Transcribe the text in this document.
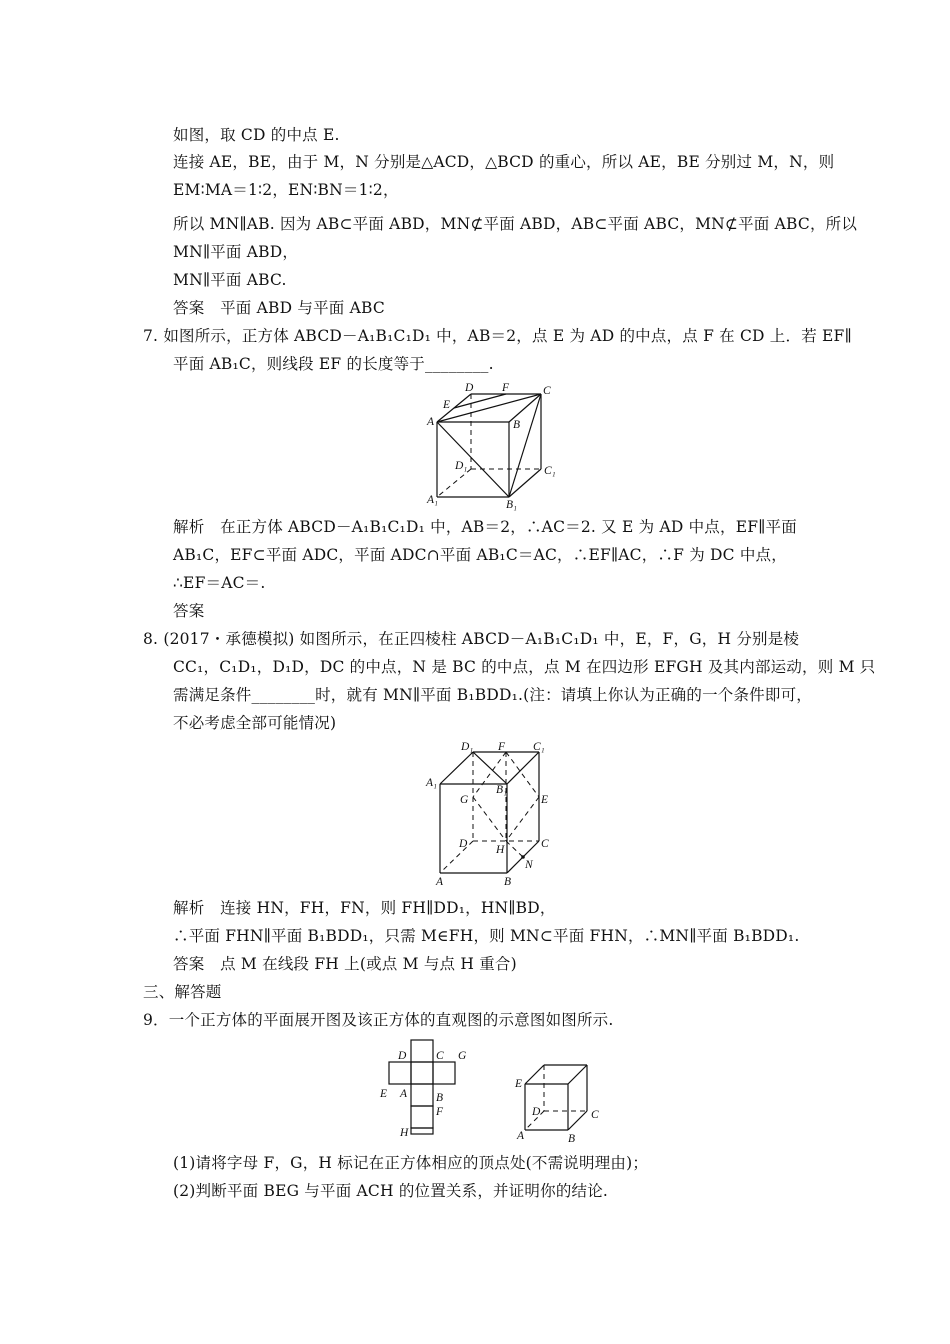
如图，取 CD 的中点 E.
连接 AE，BE，由于 M，N 分别是△ACD，△BCD 的重心，所以 AE，BE 分别过 M，N，则
EM∶MA＝1∶2，EN∶BN＝1∶2，
所以 MN∥AB. 因为 AB⊂平面 ABD，MN⊄平面 ABD，AB⊂平面 ABC，MN⊄平面 ABC，所以
MN∥平面 ABD，
MN∥平面 ABC.
答案　平面 ABD 与平面 ABC
7. 如图所示，正方体 ABCD－A₁B₁C₁D₁ 中，AB＝2，点 E 为 AD 的中点，点 F 在 CD 上．若 EF∥
平面 AB₁C，则线段 EF 的长度等于________.
D F	C
E
A	B
D₁	C₁
A₁	B₁
解析　在正方体 ABCD－A₁B₁C₁D₁ 中，AB＝2，∴AC＝2. 又 E 为 AD 中点，EF∥平面
AB₁C，EF⊂平面 ADC，平面 ADC∩平面 AB₁C＝AC，∴EF∥AC，∴F 为 DC 中点，
∴EF＝AC＝.
答案
8. (2017・承德模拟) 如图所示，在正四棱柱 ABCD－A₁B₁C₁D₁ 中，E，F，G，H 分别是棱
CC₁，C₁D₁，D₁D，DC 的中点，N 是 BC 的中点，点 M 在四边形 EFGH 及其内部运动，则 M 只
需满足条件________时，就有 MN∥平面 B₁BDD₁.(注：请填上你认为正确的一个条件即可，
不必考虑全部可能情况)
D₁ F C₁
A₁
B₁
G	E
D	C
H
N
A	B
解析　连接 HN，FH，FN，则 FH∥DD₁，HN∥BD，
∴平面 FHN∥平面 B₁BDD₁，只需 M∈FH，则 MN⊂平面 FHN，∴MN∥平面 B₁BDD₁.
答案　点 M 在线段 FH 上(或点 M 与点 H 重合)
三、解答题
9．一个正方体的平面展开图及该正方体的直观图的示意图如图所示.
D	C G
E A	B
F
H
E
D	C
A	B
(1)请将字母 F，G，H 标记在正方体相应的顶点处(不需说明理由)；
(2)判断平面 BEG 与平面 ACH 的位置关系，并证明你的结论.
